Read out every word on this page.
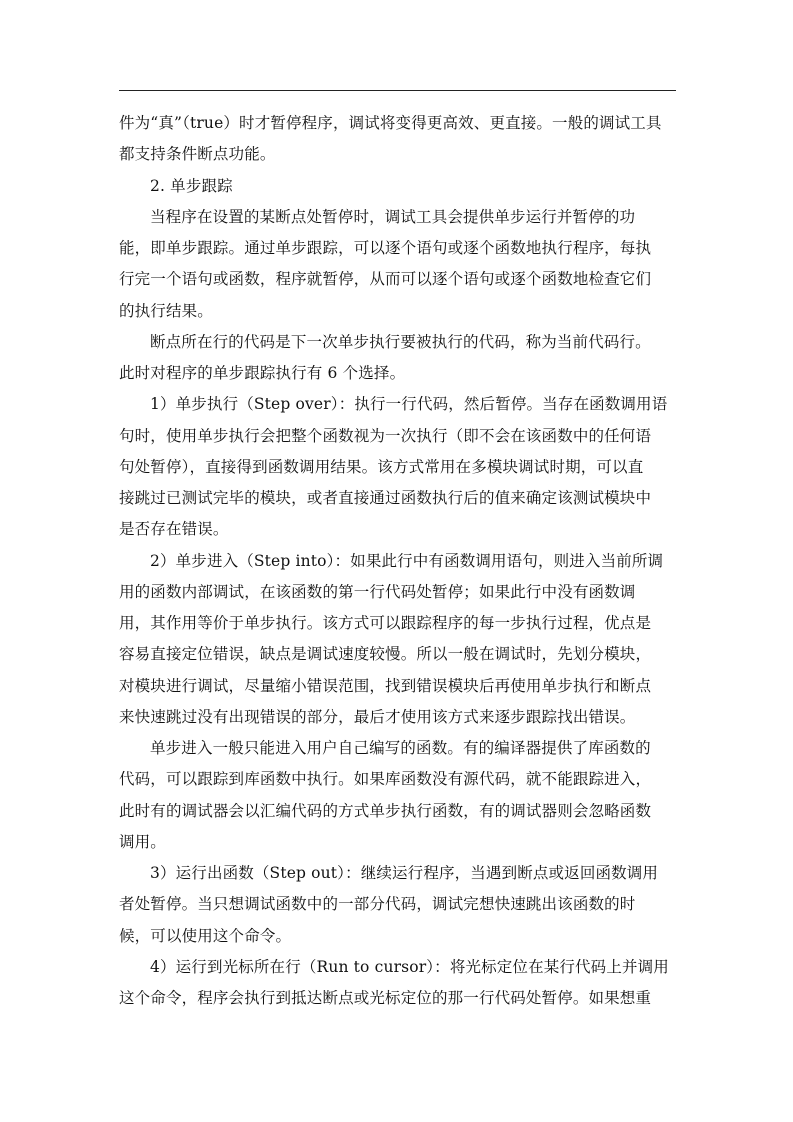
件为“真”（true）时才暂停程序，调试将变得更高效、更直接。一般的调试工具
都支持条件断点功能。
2. 单步跟踪
当程序在设置的某断点处暂停时，调试工具会提供单步运行并暂停的功
能，即单步跟踪。通过单步跟踪，可以逐个语句或逐个函数地执行程序，每执
行完一个语句或函数，程序就暂停，从而可以逐个语句或逐个函数地检查它们
的执行结果。
断点所在行的代码是下一次单步执行要被执行的代码，称为当前代码行。
此时对程序的单步跟踪执行有 6 个选择。
1）单步执行（Step over）：执行一行代码，然后暂停。当存在函数调用语
句时，使用单步执行会把整个函数视为一次执行（即不会在该函数中的任何语
句处暂停），直接得到函数调用结果。该方式常用在多模块调试时期，可以直
接跳过已测试完毕的模块，或者直接通过函数执行后的值来确定该测试模块中
是否存在错误。
2）单步进入（Step into）：如果此行中有函数调用语句，则进入当前所调
用的函数内部调试，在该函数的第一行代码处暂停；如果此行中没有函数调
用，其作用等价于单步执行。该方式可以跟踪程序的每一步执行过程，优点是
容易直接定位错误，缺点是调试速度较慢。所以一般在调试时，先划分模块，
对模块进行调试，尽量缩小错误范围，找到错误模块后再使用单步执行和断点
来快速跳过没有出现错误的部分，最后才使用该方式来逐步跟踪找出错误。
单步进入一般只能进入用户自己编写的函数。有的编译器提供了库函数的
代码，可以跟踪到库函数中执行。如果库函数没有源代码，就不能跟踪进入，
此时有的调试器会以汇编代码的方式单步执行函数，有的调试器则会忽略函数
调用。
3）运行出函数（Step out）：继续运行程序，当遇到断点或返回函数调用
者处暂停。当只想调试函数中的一部分代码，调试完想快速跳出该函数的时
候，可以使用这个命令。
4）运行到光标所在行（Run to cursor）：将光标定位在某行代码上并调用
这个命令，程序会执行到抵达断点或光标定位的那一行代码处暂停。如果想重
